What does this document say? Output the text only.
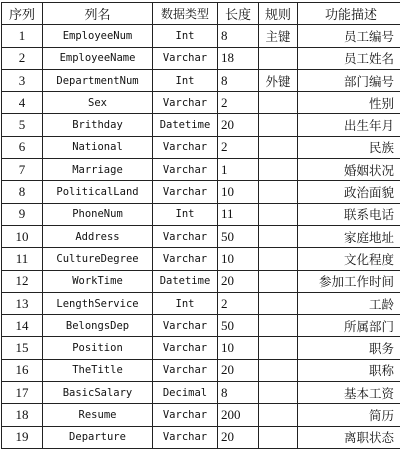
序列	列名	数据类型	长度	规则	功能描述
1	EmployeeNum	Int	8	主键	员工编号
2	EmployeeName	Varchar	18		员工姓名
3	DepartmentNum	Int	8	外键	部门编号
4	Sex	Varchar	2		性别
5	Brithday	Datetime	20		出生年月
6	National	Varchar	2		民族
7	Marriage	Varchar	1		婚姻状况
8	PoliticalLand	Varchar	10		政治面貌
9	PhoneNum	Int	11		联系电话
10	Address	Varchar	50		家庭地址
11	CultureDegree	Varchar	10		文化程度
12	WorkTime	Datetime	20		参加工作时间
13	LengthService	Int	2		工龄
14	BelongsDep	Varchar	50		所属部门
15	Position	Varchar	10		职务
16	TheTitle	Varchar	20		职称
17	BasicSalary	Decimal	8		基本工资
18	Resume	Varchar	200		简历
19	Departure	Varchar	20		离职状态
